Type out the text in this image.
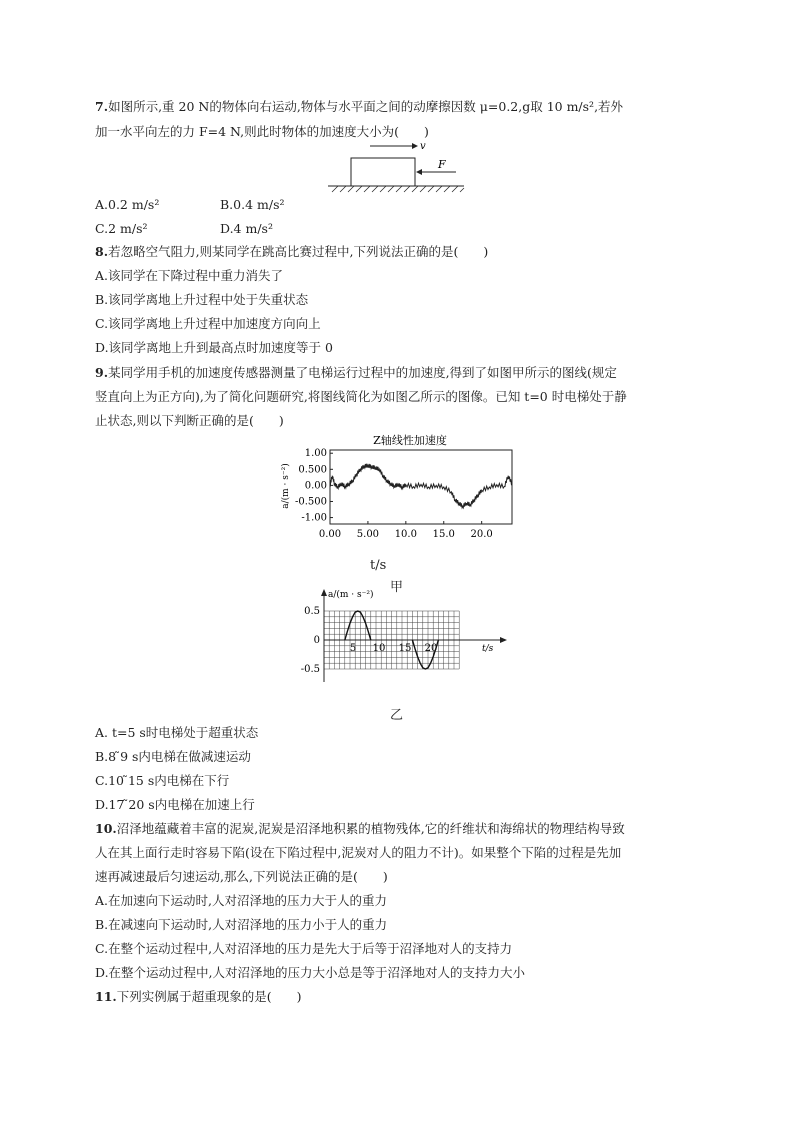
7.如图所示,重 20 N的物体向右运动,物体与水平面之间的动摩擦因数 μ=0.2,g取 10 m/s²,若外
加一水平向左的力 F=4 N,则此时物体的加速度大小为(　　)
v
F
A.0.2 m/s²	B.0.4 m/s²
C.2 m/s²	D.4 m/s²
8.若忽略空气阻力,则某同学在跳高比赛过程中,下列说法正确的是(　　)
A.该同学在下降过程中重力消失了
B.该同学离地上升过程中处于失重状态
C.该同学离地上升过程中加速度方向向上
D.该同学离地上升到最高点时加速度等于 0
9.某同学用手机的加速度传感器测量了电梯运行过程中的加速度,得到了如图甲所示的图线(规定
竖直向上为正方向),为了简化问题研究,将图线简化为如图乙所示的图像。已知 t=0 时电梯处于静
止状态,则以下判断正确的是(　　)
Z轴线性加速度
1.00
0.500
0.00
-0.500
-1.00
0.00 5.00 10.0 15.0 20.0
a/(m · s⁻²)
t/s
甲
a/(m · s⁻²)
t/s
0.5
0
-0.5
5 10 15 20
乙
A. t=5 s时电梯处于超重状态
B.8 ̃9 s内电梯在做减速运动
C.10 ̃15 s内电梯在下行
D.17 ̃20 s内电梯在加速上行
10.沼泽地蕴藏着丰富的泥炭,泥炭是沼泽地积累的植物残体,它的纤维状和海绵状的物理结构导致
人在其上面行走时容易下陷(设在下陷过程中,泥炭对人的阻力不计)。如果整个下陷的过程是先加
速再减速最后匀速运动,那么,下列说法正确的是(　　)
A.在加速向下运动时,人对沼泽地的压力大于人的重力
B.在减速向下运动时,人对沼泽地的压力小于人的重力
C.在整个运动过程中,人对沼泽地的压力是先大于后等于沼泽地对人的支持力
D.在整个运动过程中,人对沼泽地的压力大小总是等于沼泽地对人的支持力大小
11.下列实例属于超重现象的是(　　)
